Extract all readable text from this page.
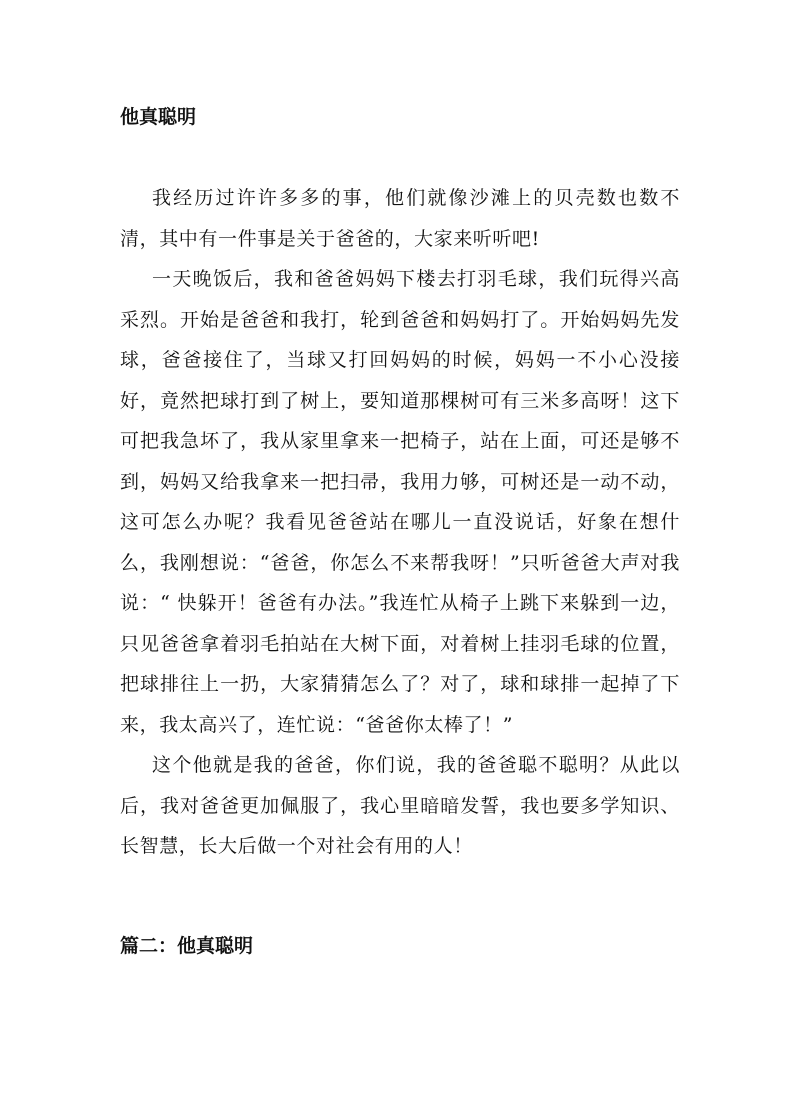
他真聪明

我经历过许许多多的事，他们就像沙滩上的贝壳数也数不清，其中有一件事是关于爸爸的，大家来听听吧!

一天晚饭后，我和爸爸妈妈下楼去打羽毛球，我们玩得兴高采烈。开始是爸爸和我打，轮到爸爸和妈妈打了。开始妈妈先发球，爸爸接住了，当球又打回妈妈的时候，妈妈一不小心没接好，竟然把球打到了树上，要知道那棵树可有三米多高呀！这下可把我急坏了，我从家里拿来一把椅子，站在上面，可还是够不到，妈妈又给我拿来一把扫帚，我用力够，可树还是一动不动，这可怎么办呢？我看见爸爸站在哪儿一直没说话，好象在想什么，我刚想说：“爸爸，你怎么不来帮我呀！”只听爸爸大声对我说：“ 快躲开！爸爸有办法。”我连忙从椅子上跳下来躲到一边，只见爸爸拿着羽毛拍站在大树下面，对着树上挂羽毛球的位置，把球排往上一扔，大家猜猜怎么了？对了，球和球排一起掉了下来，我太高兴了，连忙说：“爸爸你太棒了！”

这个他就是我的爸爸，你们说，我的爸爸聪不聪明？从此以后，我对爸爸更加佩服了，我心里暗暗发誓，我也要多学知识、长智慧，长大后做一个对社会有用的人！

篇二：他真聪明
